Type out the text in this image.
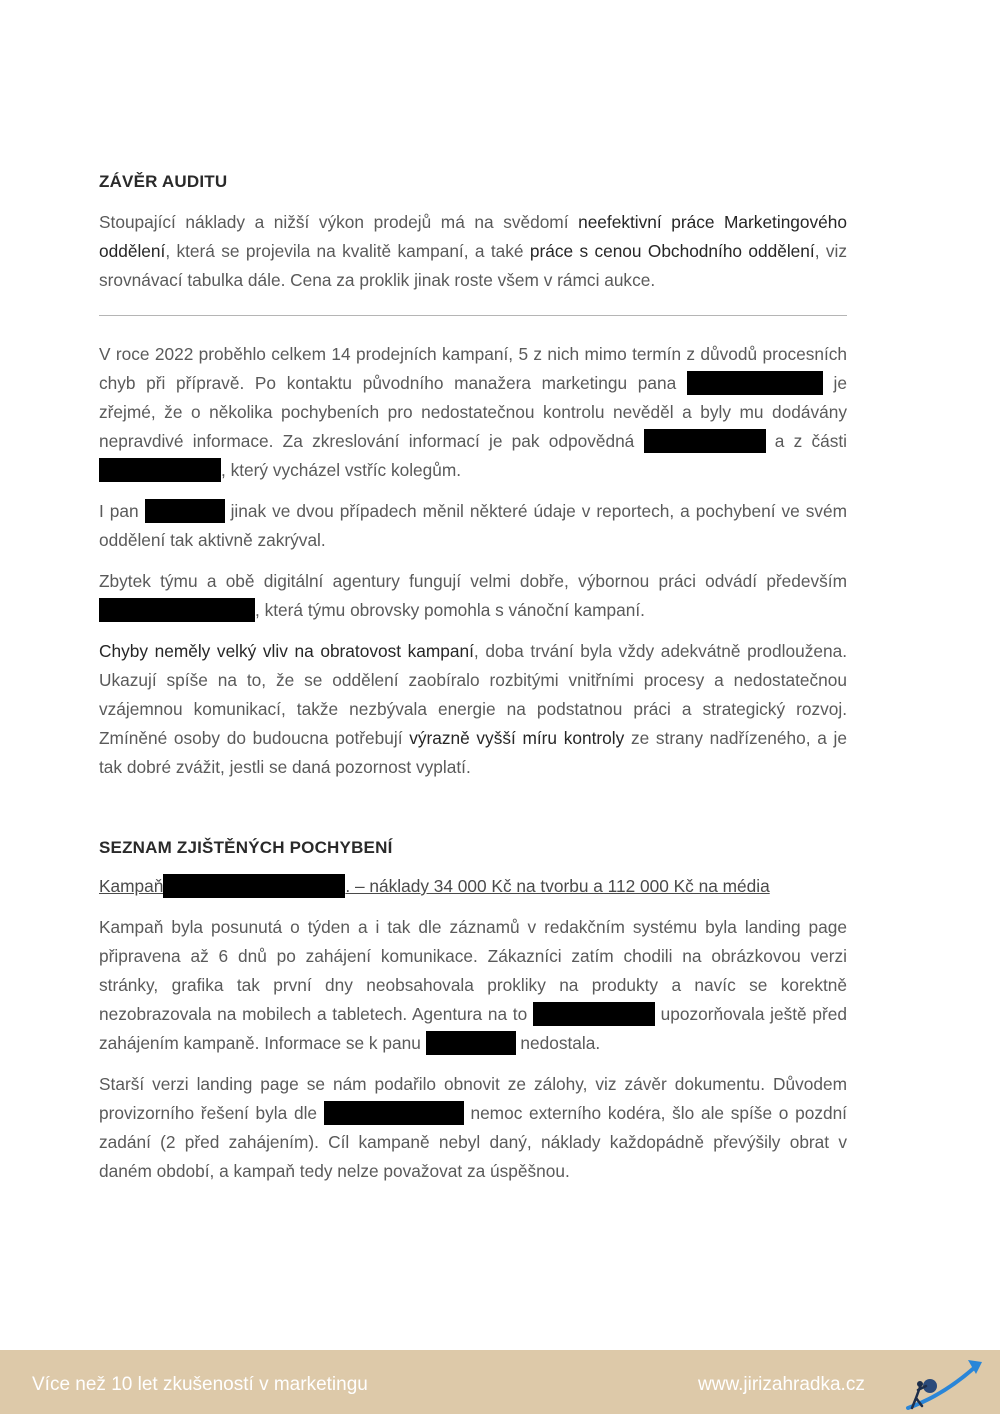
ZÁVĚR AUDITU

Stoupající náklady a nižší výkon prodejů má na svědomí neefektivní práce Marketingového oddělení, která se projevila na kvalitě kampaní, a také práce s cenou Obchodního oddělení, viz srovnávací tabulka dále. Cena za proklik jinak roste všem v rámci aukce.

V roce 2022 proběhlo celkem 14 prodejních kampaní, 5 z nich mimo termín z důvodů procesních chyb při přípravě. Po kontaktu původního manažera marketingu pana	je zřejmé, že o několika pochybeních pro nedostatečnou kontrolu nevěděl a byly mu dodávány nepravdivé informace. Za zkreslování informací je pak odpovědná	a z části , který vycházel vstříc kolegům.

I pan	jinak ve dvou případech měnil některé údaje v reportech, a pochybení ve svém oddělení tak aktivně zakrýval.

Zbytek týmu a obě digitální agentury fungují velmi dobře, výbornou práci odvádí především , která týmu obrovsky pomohla s vánoční kampaní.

Chyby neměly velký vliv na obratovost kampaní, doba trvání byla vždy adekvátně prodloužena. Ukazují spíše na to, že se oddělení zaobíralo rozbitými vnitřními procesy a nedostatečnou vzájemnou komunikací, takže nezbývala energie na podstatnou práci a strategický rozvoj. Zmíněné osoby do budoucna potřebují výrazně vyšší míru kontroly ze strany nadřízeného, a je tak dobré zvážit, jestli se daná pozornost vyplatí.

SEZNAM ZJIŠTĚNÝCH POCHYBENÍ

Kampaň	. – náklady 34 000 Kč na tvorbu a 112 000 Kč na média

Kampaň byla posunutá o týden a i tak dle záznamů v redakčním systému byla landing page připravena až 6 dnů po zahájení komunikace. Zákazníci zatím chodili na obrázkovou verzi stránky, grafika tak první dny neobsahovala prokliky na produkty a navíc se korektně nezobrazovala na mobilech a tabletech. Agentura na to	upozorňovala ještě před zahájením kampaně. Informace se k panu	nedostala.

Starší verzi landing page se nám podařilo obnovit ze zálohy, viz závěr dokumentu. Důvodem provizorního řešení byla dle	nemoc externího kodéra, šlo ale spíše o pozdní zadání (2 před zahájením). Cíl kampaně nebyl daný, náklady každopádně převýšily obrat v daném období, a kampaň tedy nelze považovat za úspěšnou.

Více než 10 let zkušeností v marketingu	www.jirizahradka.cz
